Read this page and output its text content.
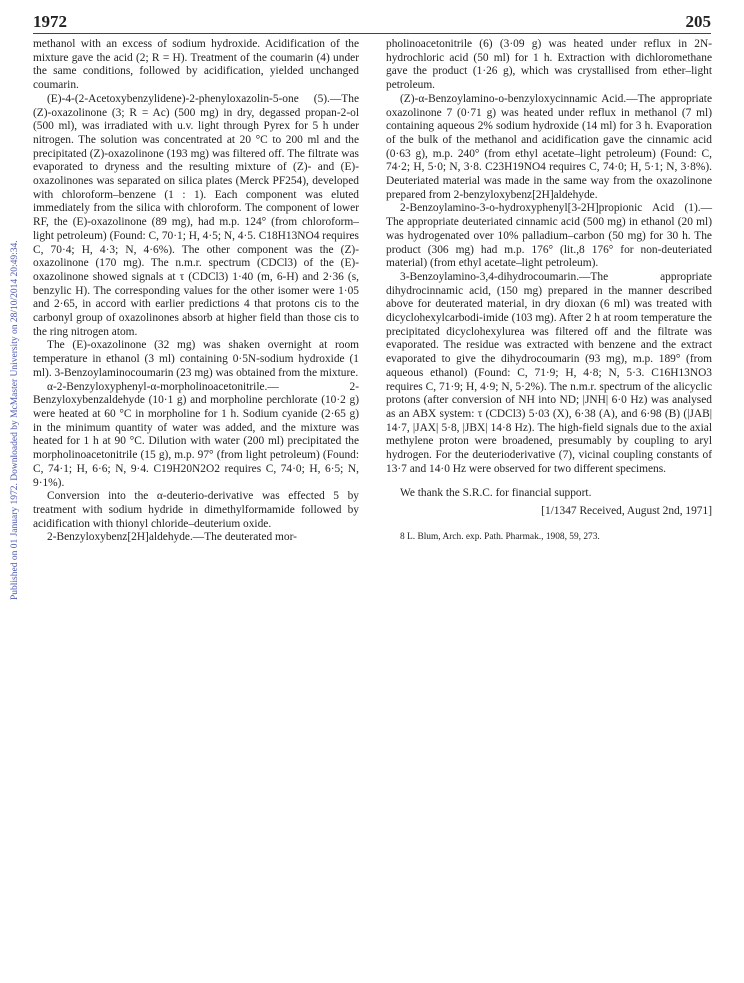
1972	205
Published on 01 January 1972. Downloaded by McMaster University on 28/10/2014 20:49:34.

methanol with an excess of sodium hydroxide. Acidification of the mixture gave the acid (2; R = H). Treatment of the coumarin (4) under the same conditions, followed by acidification, yielded unchanged coumarin.

(E)-4-(2-Acetoxybenzylidene)-2-phenyloxazolin-5-one (5).—The (Z)-oxazolinone (3; R = Ac) (500 mg) in dry, degassed propan-2-ol (500 ml), was irradiated with u.v. light through Pyrex for 5 h under nitrogen. The solution was concentrated at 20 °C to 200 ml and the precipitated (Z)-oxazolinone (193 mg) was filtered off. The filtrate was evaporated to dryness and the resulting mixture of (Z)- and (E)-oxazolinones was separated on silica plates (Merck PF254), developed with chloroform–benzene (1 : 1). Each component was eluted immediately from the silica with chloroform. The component of lower RF, the (E)-oxazolinone (89 mg), had m.p. 124° (from chloroform–light petroleum) (Found: C, 70·1; H, 4·5; N, 4·5. C18H13NO4 requires C, 70·4; H, 4·3; N, 4·6%). The other component was the (Z)-oxazolinone (170 mg). The n.m.r. spectrum (CDCl3) of the (E)-oxazolinone showed signals at τ (CDCl3) 1·40 (m, 6-H) and 2·36 (s, benzylic H). The corresponding values for the other isomer were 1·05 and 2·65, in accord with earlier predictions 4 that protons cis to the carbonyl group of oxazolinones absorb at higher field than those cis to the ring nitrogen atom.

The (E)-oxazolinone (32 mg) was shaken overnight at room temperature in ethanol (3 ml) containing 0·5N-sodium hydroxide (1 ml). 3-Benzoylaminocoumarin (23 mg) was obtained from the mixture.

α-2-Benzyloxyphenyl-α-morpholinoacetonitrile.— 2-Benzyloxybenzaldehyde (10·1 g) and morpholine perchlorate (10·2 g) were heated at 60 °C in morpholine for 1 h. Sodium cyanide (2·65 g) in the minimum quantity of water was added, and the mixture was heated for 1 h at 90 °C. Dilution with water (200 ml) precipitated the morpholinoacetonitrile (15 g), m.p. 97° (from light petroleum) (Found: C, 74·1; H, 6·6; N, 9·4. C19H20N2O2 requires C, 74·0; H, 6·5; N, 9·1%).

Conversion into the α-deuterio-derivative was effected 5 by treatment with sodium hydride in dimethylformamide followed by acidification with thionyl chloride–deuterium oxide.

2-Benzyloxybenz[2H]aldehyde.—The deuterated mor-

pholinoacetonitrile (6) (3·09 g) was heated under reflux in 2N-hydrochloric acid (50 ml) for 1 h. Extraction with dichloromethane gave the product (1·26 g), which was crystallised from ether–light petroleum.

(Z)-α-Benzoylamino-o-benzyloxycinnamic Acid.—The appropriate oxazolinone 7 (0·71 g) was heated under reflux in methanol (7 ml) containing aqueous 2% sodium hydroxide (14 ml) for 3 h. Evaporation of the bulk of the methanol and acidification gave the cinnamic acid (0·63 g), m.p. 240° (from ethyl acetate–light petroleum) (Found: C, 74·2; H, 5·0; N, 3·8. C23H19NO4 requires C, 74·0; H, 5·1; N, 3·8%). Deuteriated material was made in the same way from the oxazolinone prepared from 2-benzyloxybenz[2H]aldehyde.

2-Benzoylamino-3-o-hydroxyphenyl[3-2H]propionic Acid (1).—The appropriate deuteriated cinnamic acid (500 mg) in ethanol (20 ml) was hydrogenated over 10% palladium–carbon (50 mg) for 30 h. The product (306 mg) had m.p. 176° (lit.,8 176° for non-deuteriated material) (from ethyl acetate–light petroleum).

3-Benzoylamino-3,4-dihydrocoumarin.—The appropriate dihydrocinnamic acid, (150 mg) prepared in the manner described above for deuterated material, in dry dioxan (6 ml) was treated with dicyclohexylcarbodi-imide (103 mg). After 2 h at room temperature the precipitated dicyclohexylurea was filtered off and the filtrate was evaporated. The residue was extracted with benzene and the extract evaporated to give the dihydrocoumarin (93 mg), m.p. 189° (from aqueous ethanol) (Found: C, 71·9; H, 4·8; N, 5·3. C16H13NO3 requires C, 71·9; H, 4·9; N, 5·2%). The n.m.r. spectrum of the alicyclic protons (after conversion of NH into ND; |JNH| 6·0 Hz) was analysed as an ABX system: τ (CDCl3) 5·03 (X), 6·38 (A), and 6·98 (B) (|JAB| 14·7, |JAX| 5·8, |JBX| 14·8 Hz). The high-field signals due to the axial methylene proton were broadened, presumably by coupling to aryl hydrogen. For the deuterioderivative (7), vicinal coupling constants of 13·7 and 14·0 Hz were observed for two different specimens.

We thank the S.R.C. for financial support.

[1/1347 Received, August 2nd, 1971]

8 L. Blum, Arch. exp. Path. Pharmak., 1908, 59, 273.
